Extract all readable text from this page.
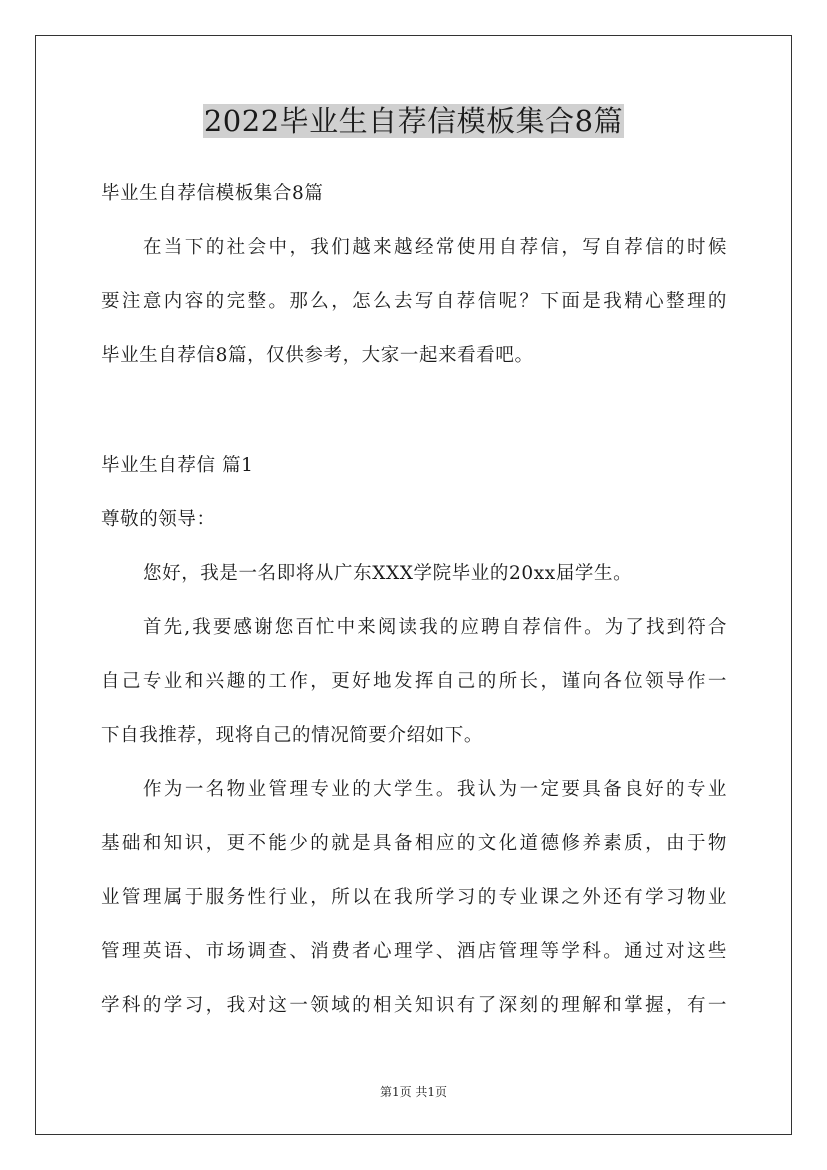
2022毕业生自荐信模板集合8篇
毕业生自荐信模板集合8篇
在当下的社会中，我们越来越经常使用自荐信，写自荐信的时候
要注意内容的完整。那么，怎么去写自荐信呢？下面是我精心整理的
毕业生自荐信8篇，仅供参考，大家一起来看看吧。
毕业生自荐信 篇1
尊敬的领导：
您好，我是一名即将从广东XXX学院毕业的20xx届学生。
首先,我要感谢您百忙中来阅读我的应聘自荐信件。为了找到符合
自己专业和兴趣的工作，更好地发挥自己的所长，谨向各位领导作一
下自我推荐，现将自己的情况简要介绍如下。
作为一名物业管理专业的大学生。我认为一定要具备良好的专业
基础和知识，更不能少的就是具备相应的文化道德修养素质，由于物
业管理属于服务性行业，所以在我所学习的专业课之外还有学习物业
管理英语、市场调查、消费者心理学、酒店管理等学科。通过对这些
学科的学习，我对这一领域的相关知识有了深刻的理解和掌握，有一
第1页 共1页
